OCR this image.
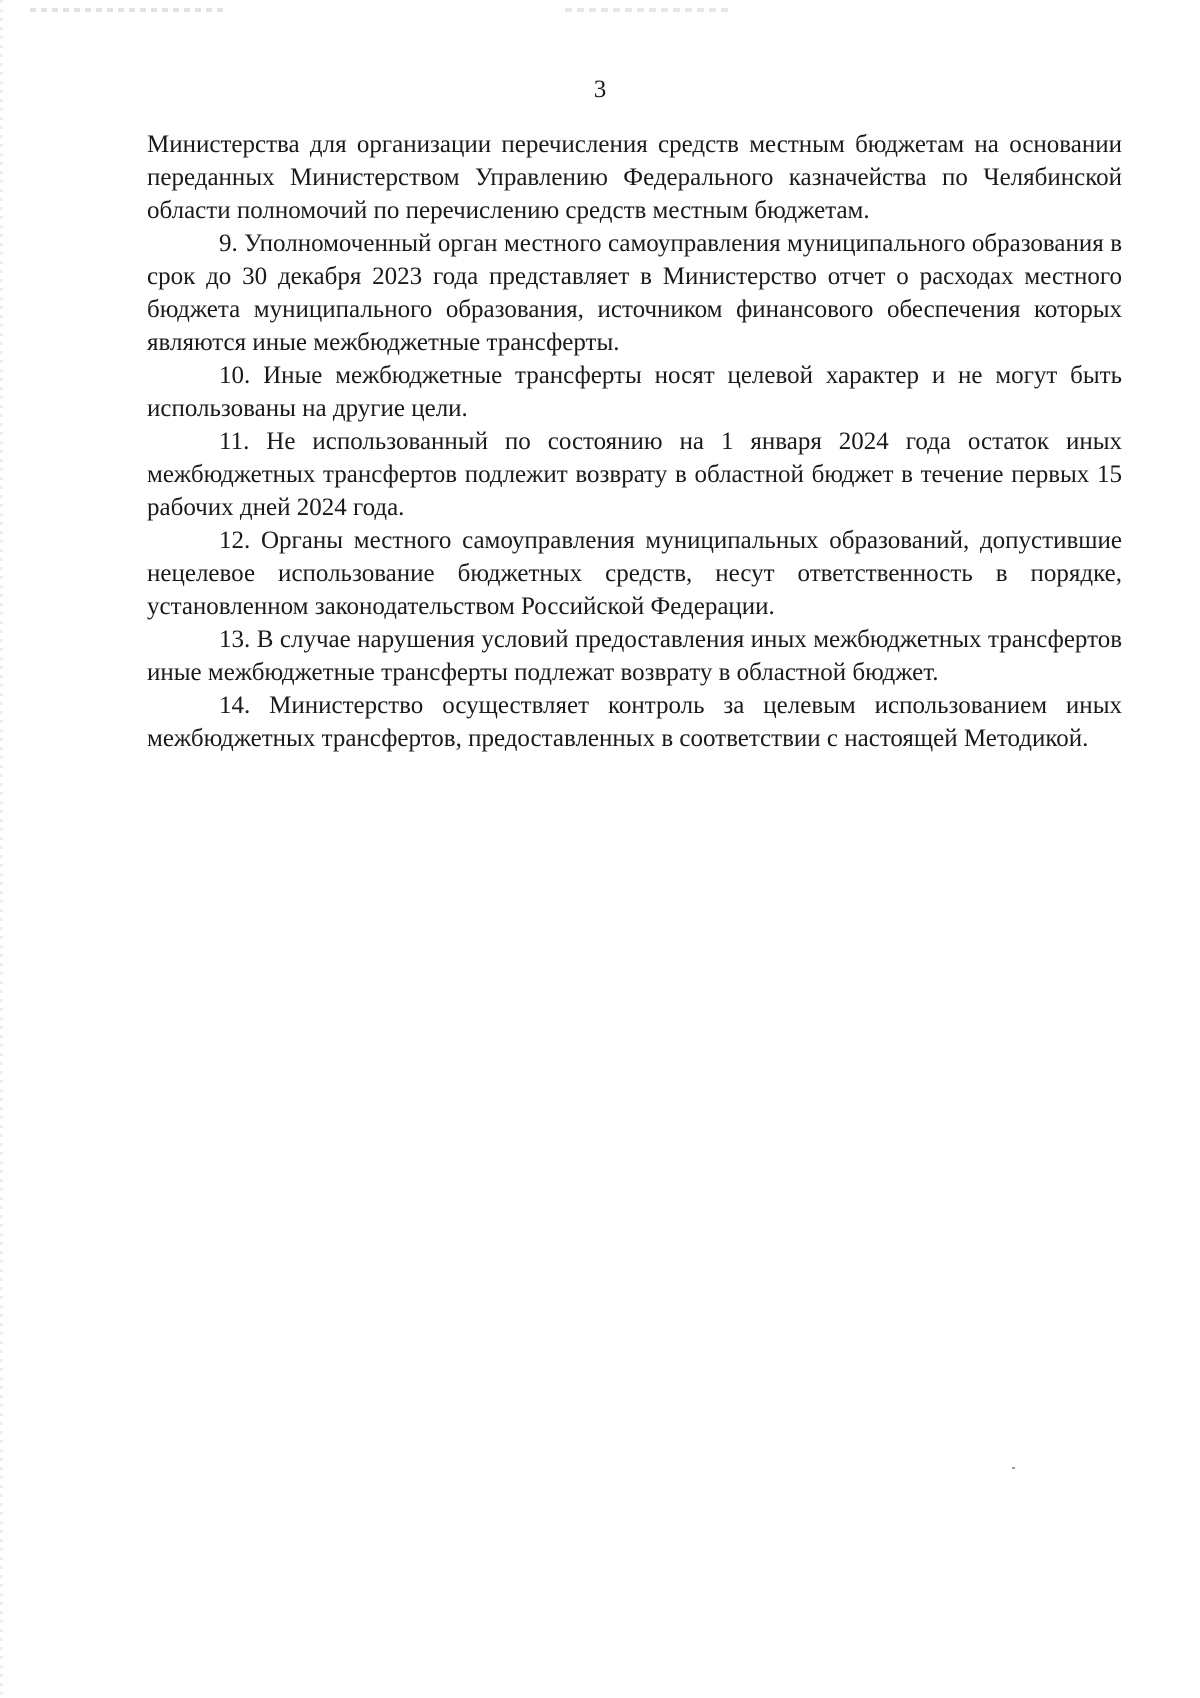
3

Министерства для организации перечисления средств местным бюджетам на основании переданных Министерством Управлению Федерального казначейства по Челябинской области полномочий по перечислению средств местным бюджетам.

9. Уполномоченный орган местного самоуправления муниципального образования в срок до 30 декабря 2023 года представляет в Министерство отчет о расходах местного бюджета муниципального образования, источником финансового обеспечения которых являются иные межбюджетные трансферты.

10. Иные межбюджетные трансферты носят целевой характер и не могут быть использованы на другие цели.

11. Не использованный по состоянию на 1 января 2024 года остаток иных межбюджетных трансфертов подлежит возврату в областной бюджет в течение первых 15 рабочих дней 2024 года.

12. Органы местного самоуправления муниципальных образований, допустившие нецелевое использование бюджетных средств, несут ответственность в порядке, установленном законодательством Российской Федерации.

13. В случае нарушения условий предоставления иных межбюджетных трансфертов иные межбюджетные трансферты подлежат возврату в областной бюджет.

14. Министерство осуществляет контроль за целевым использованием иных межбюджетных трансфертов, предоставленных в соответствии с настоящей Методикой.
